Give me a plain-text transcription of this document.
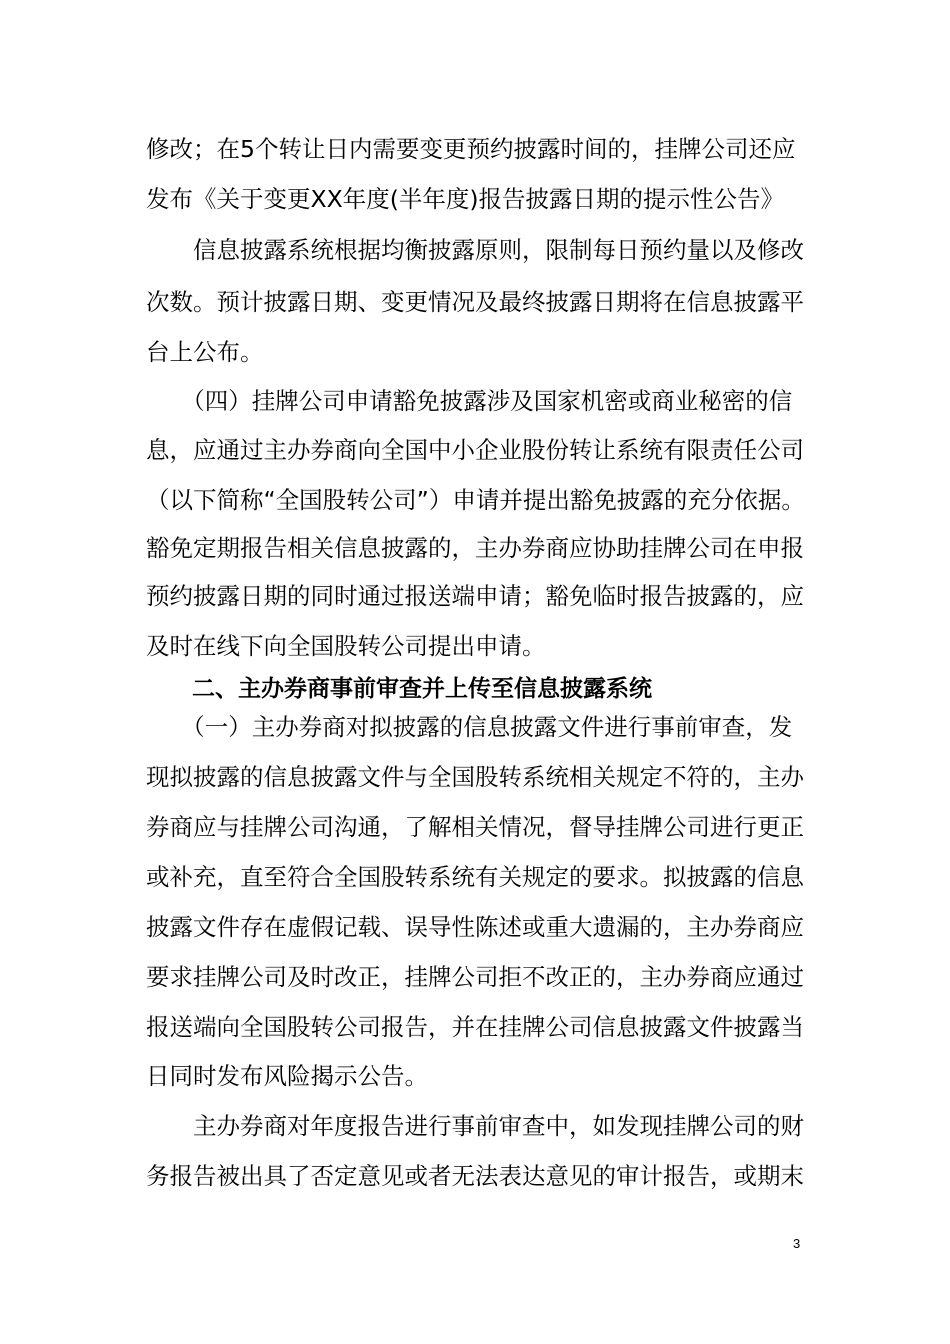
修改；在5个转让日内需要变更预约披露时间的，挂牌公司还应
发布《关于变更XX年度(半年度)报告披露日期的提示性公告》
　　信息披露系统根据均衡披露原则，限制每日预约量以及修改
次数。预计披露日期、变更情况及最终披露日期将在信息披露平
台上公布。
　　（四）挂牌公司申请豁免披露涉及国家机密或商业秘密的信
息，应通过主办券商向全国中小企业股份转让系统有限责任公司
（以下简称“全国股转公司”）申请并提出豁免披露的充分依据。
豁免定期报告相关信息披露的，主办券商应协助挂牌公司在申报
预约披露日期的同时通过报送端申请；豁免临时报告披露的，应
及时在线下向全国股转公司提出申请。
　　二、主办券商事前审查并上传至信息披露系统
　　（一）主办券商对拟披露的信息披露文件进行事前审查，发
现拟披露的信息披露文件与全国股转系统相关规定不符的，主办
券商应与挂牌公司沟通，了解相关情况，督导挂牌公司进行更正
或补充，直至符合全国股转系统有关规定的要求。拟披露的信息
披露文件存在虚假记载、误导性陈述或重大遗漏的，主办券商应
要求挂牌公司及时改正，挂牌公司拒不改正的，主办券商应通过
报送端向全国股转公司报告，并在挂牌公司信息披露文件披露当
日同时发布风险揭示公告。
　　主办券商对年度报告进行事前审查中，如发现挂牌公司的财
务报告被出具了否定意见或者无法表达意见的审计报告，或期末
3
